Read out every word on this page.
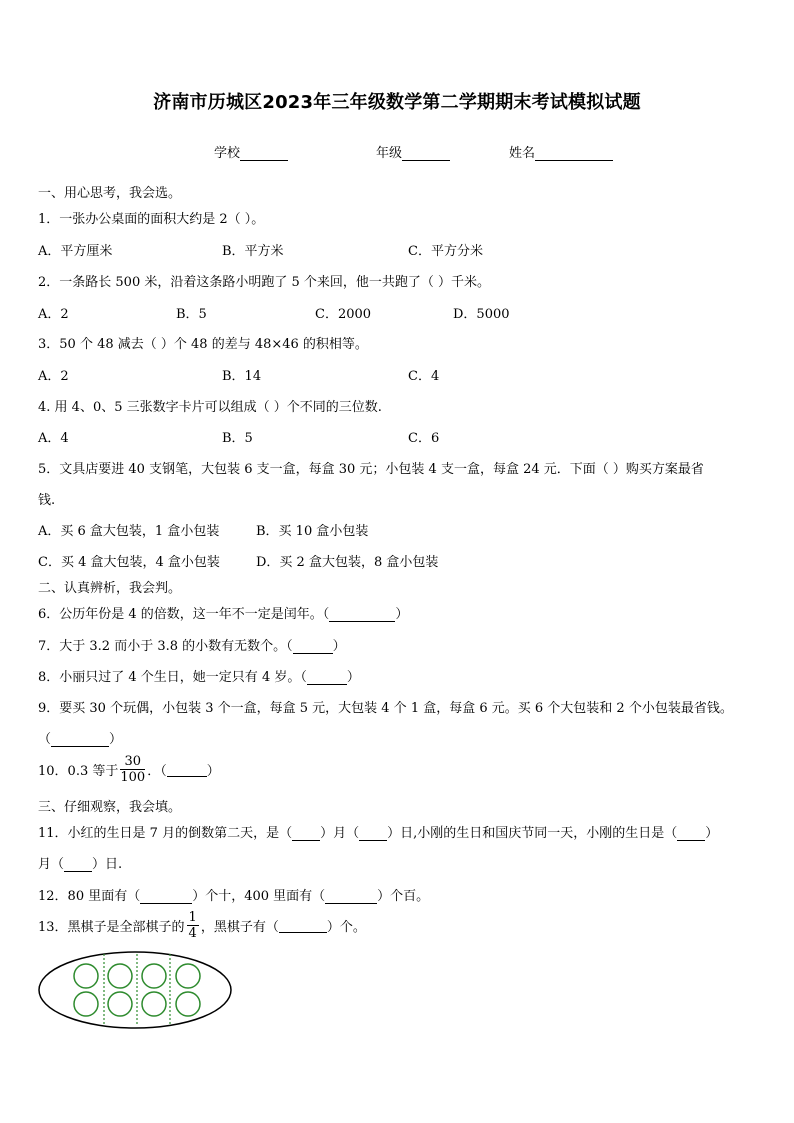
济南市历城区2023年三年级数学第二学期期末考试模拟试题
学校	年级	姓名
一、用心思考，我会选。
1．一张办公桌面的面积大约是 2（ ）。
A．平方厘米	B．平方米	C．平方分米
2．一条路长 500 米，沿着这条路小明跑了 5 个来回，他一共跑了（ ）千米。
A．2	B．5	C．2000	D．5000
3．50 个 48 减去（ ）个 48 的差与 48×46 的积相等。
A．2	B．14	C．4
4. 用 4、0、5 三张数字卡片可以组成（ ）个不同的三位数.
A．4	B．5	C．6
5．文具店要进 40 支钢笔，大包装 6 支一盒，每盒 30 元；小包装 4 支一盒，每盒 24 元．下面（ ）购买方案最省
钱.
A．买 6 盒大包装，1 盒小包装	B．买 10 盒小包装
C．买 4 盒大包装，4 盒小包装	D．买 2 盒大包装，8 盒小包装
二、认真辨析，我会判。
6．公历年份是 4 的倍数，这一年不一定是闰年。（	）
7．大于 3.2 而小于 3.8 的小数有无数个。（	）
8．小丽只过了 4 个生日，她一定只有 4 岁。（	）
9．要买 30 个玩偶，小包装 3 个一盒，每盒 5 元，大包装 4 个 1 盒，每盒 6 元。买 6 个大包装和 2 个小包装最省钱。
（	）
10．0.3 等于 $\frac{30}{100}$ ．（	）
三、仔细观察，我会填。
11．小红的生日是 7 月的倒数第二天，是（ ）月（ ）日,小刚的生日和国庆节同一天，小刚的生日是（ ）
月（ ）日.
12．80 里面有（	）个十，400 里面有（	）个百。
13．黑棋子是全部棋子的 $\frac{1}{4}$ ，黑棋子有（	）个。
